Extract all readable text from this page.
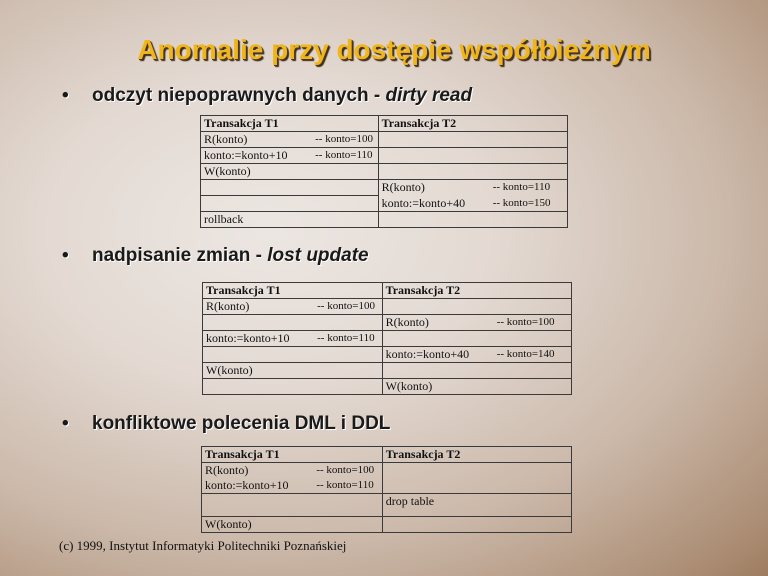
Anomalie przy dostępie współbieżnym
• odczyt niepoprawnych danych - dirty read
Transakcja T1		Transakcja T2	
R(konto)	-- konto=100		
konto:=konto+10	-- konto=110		
W(konto)			
		R(konto)	-- konto=110
		konto:=konto+40	-- konto=150
rollback			
• nadpisanie zmian - lost update
Transakcja T1		Transakcja T2	
R(konto)	-- konto=100		
		R(konto)	-- konto=100
konto:=konto+10	-- konto=110		
		konto:=konto+40	-- konto=140
W(konto)			
		W(konto)	
• konfliktowe polecenia DML i DDL
Transakcja T1		Transakcja T2	
R(konto)	-- konto=100		
konto:=konto+10	-- konto=110		
		drop table	
W(konto)			
(c) 1999, Instytut Informatyki Politechniki Poznańskiej
